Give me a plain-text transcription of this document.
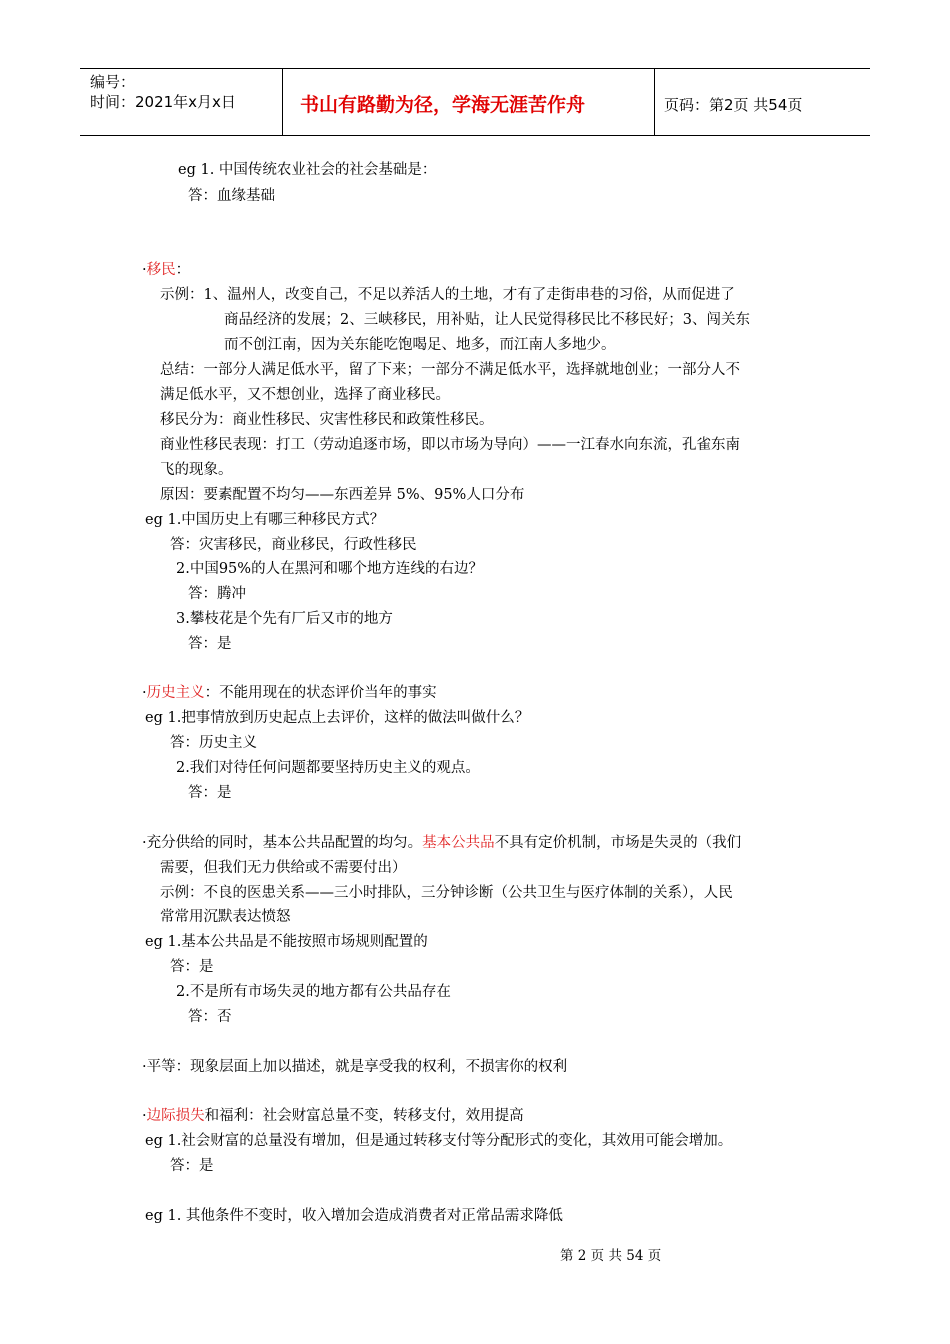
编号：
时间：2021年x月x日	书山有路勤为径，学海无涯苦作舟	页码：第2页 共54页
eg 1. 中国传统农业社会的社会基础是：
答：血缘基础
·移民：
示例：1、温州人，改变自己，不足以养活人的土地，才有了走街串巷的习俗，从而促进了
商品经济的发展；2、三峡移民，用补贴，让人民觉得移民比不移民好；3、闯关东
而不创江南，因为关东能吃饱喝足、地多，而江南人多地少。
总结：一部分人满足低水平，留了下来；一部分不满足低水平，选择就地创业；一部分人不
满足低水平，又不想创业，选择了商业移民。
移民分为：商业性移民、灾害性移民和政策性移民。
商业性移民表现：打工（劳动追逐市场，即以市场为导向）——一江春水向东流，孔雀东南
飞的现象。
原因：要素配置不均匀——东西差异 5%、95%人口分布
eg 1.中国历史上有哪三种移民方式？
答：灾害移民，商业移民，行政性移民
2.中国95%的人在黑河和哪个地方连线的右边？
答：腾冲
3.攀枝花是个先有厂后又市的地方
答：是
·历史主义：不能用现在的状态评价当年的事实
eg 1.把事情放到历史起点上去评价，这样的做法叫做什么？
答：历史主义
2.我们对待任何问题都要坚持历史主义的观点。
答：是
·充分供给的同时，基本公共品配置的均匀。基本公共品不具有定价机制，市场是失灵的（我们
需要，但我们无力供给或不需要付出）
示例：不良的医患关系——三小时排队，三分钟诊断（公共卫生与医疗体制的关系），人民
常常用沉默表达愤怒
eg 1.基本公共品是不能按照市场规则配置的
答：是
2.不是所有市场失灵的地方都有公共品存在
答：否
·平等：现象层面上加以描述，就是享受我的权利，不损害你的权利
·边际损失和福利：社会财富总量不变，转移支付，效用提高
eg 1.社会财富的总量没有增加，但是通过转移支付等分配形式的变化，其效用可能会增加。
答：是
eg 1. 其他条件不变时，收入增加会造成消费者对正常品需求降低
第 2 页 共 54 页
